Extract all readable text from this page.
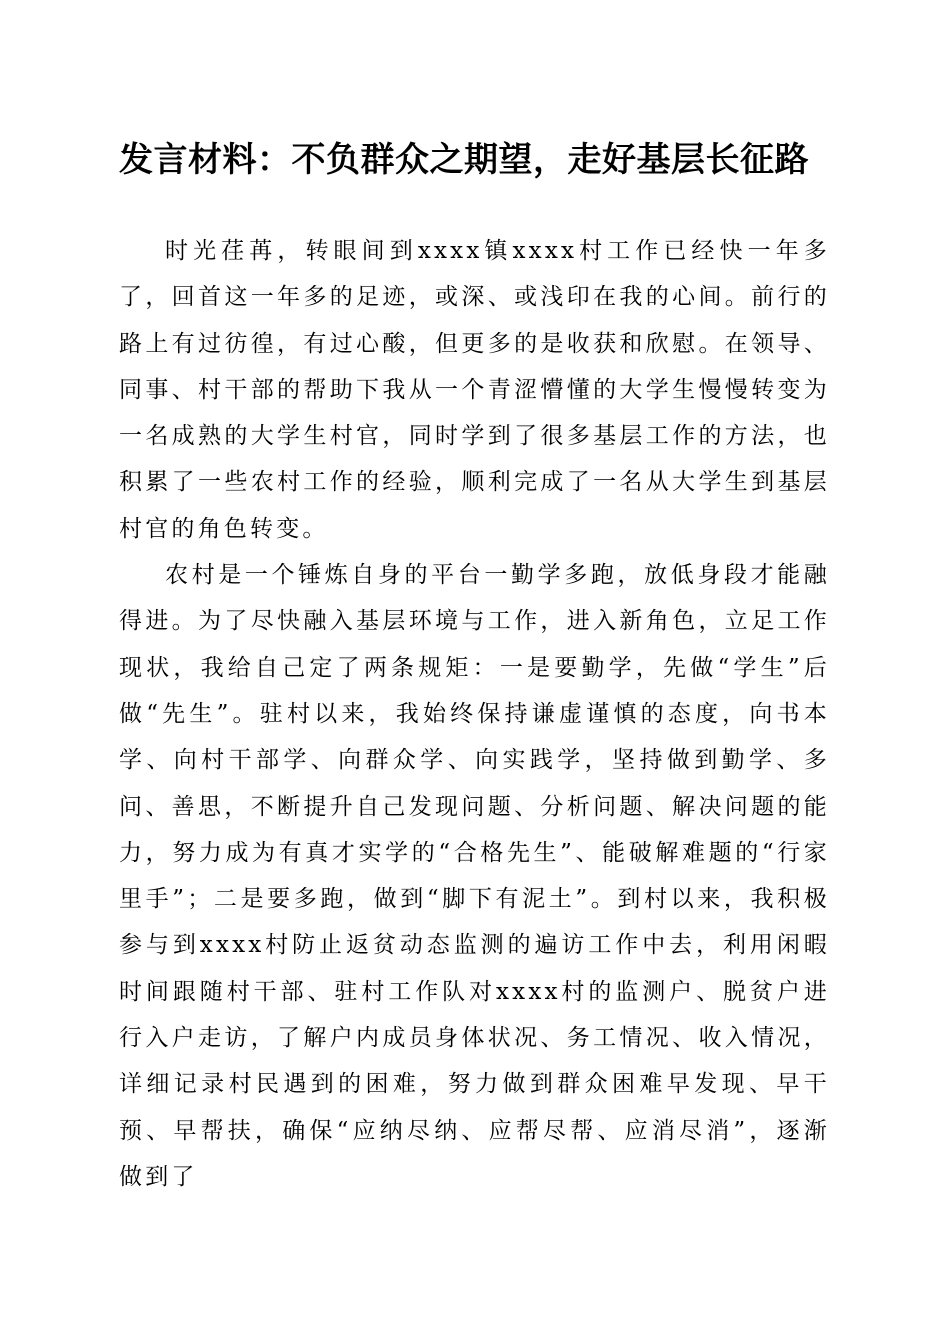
发言材料：不负群众之期望，走好基层长征路

时光荏苒，转眼间到xxxx镇xxxx村工作已经快一年多了，回首这一年多的足迹，或深、或浅印在我的心间。前行的路上有过彷徨，有过心酸，但更多的是收获和欣慰。在领导、同事、村干部的帮助下我从一个青涩懵懂的大学生慢慢转变为一名成熟的大学生村官，同时学到了很多基层工作的方法，也积累了一些农村工作的经验，顺利完成了一名从大学生到基层村官的角色转变。

农村是一个锤炼自身的平台一勤学多跑，放低身段才能融得进。为了尽快融入基层环境与工作，进入新角色，立足工作现状，我给自己定了两条规矩：一是要勤学，先做“学生”后做“先生”。驻村以来，我始终保持谦虚谨慎的态度，向书本学、向村干部学、向群众学、向实践学，坚持做到勤学、多问、善思，不断提升自己发现问题、分析问题、解决问题的能力，努力成为有真才实学的“合格先生”、能破解难题的“行家里手”；二是要多跑，做到“脚下有泥土”。到村以来，我积极参与到xxxx村防止返贫动态监测的遍访工作中去，利用闲暇时间跟随村干部、驻村工作队对xxxx村的监测户、脱贫户进行入户走访，了解户内成员身体状况、务工情况、收入情况，详细记录村民遇到的困难，努力做到群众困难早发现、早干预、早帮扶，确保“应纳尽纳、应帮尽帮、应消尽消”，逐渐做到了
